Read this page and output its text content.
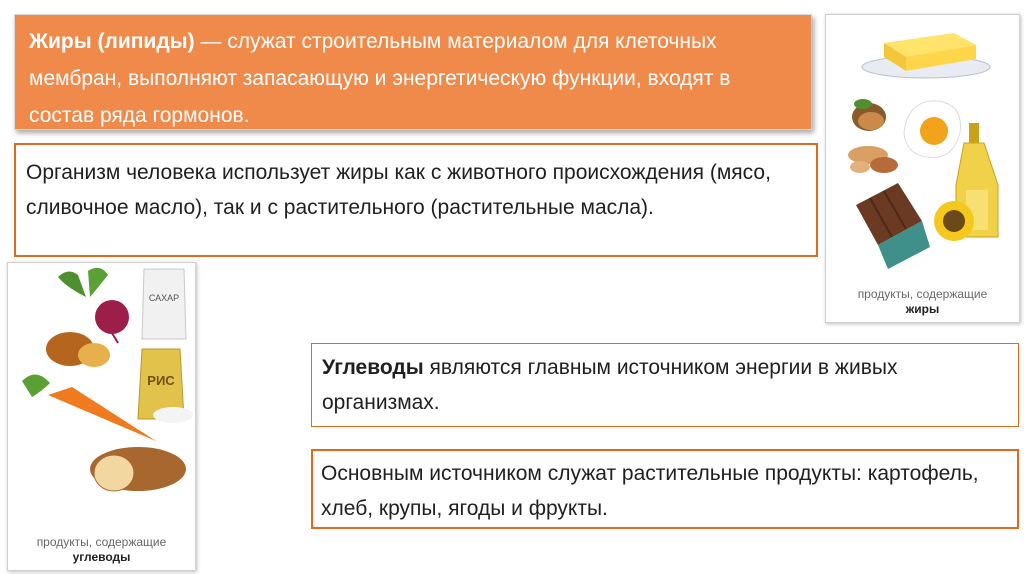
Жиры (липиды) — служат строительным материалом для клеточных мембран, выполняют запасающую и энергетическую функции, входят в состав ряда гормонов.
Организм человека использует жиры как с животного происхождения (мясо, сливочное масло), так и с растительного (растительные масла).
продукты, содержащие
жиры
САХАР
РИС
продукты, содержащие
углеводы
Углеводы являются главным источником энергии в живых организмах.
Основным источником служат растительные продукты: картофель, хлеб, крупы, ягоды и фрукты.
